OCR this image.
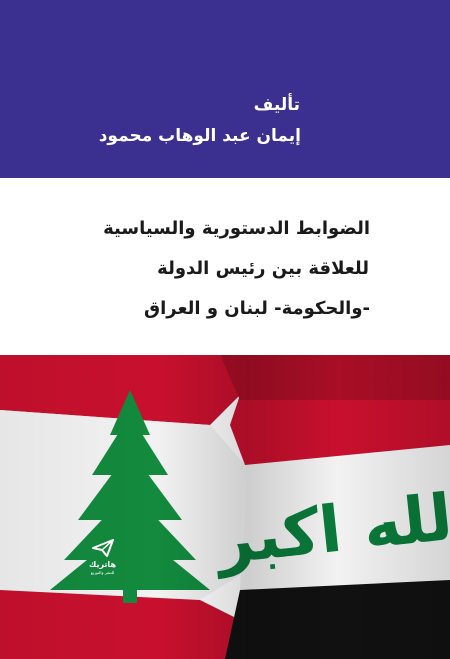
تأليف
إيمان عبد الوهاب محمود
الضوابط الدستورية والسياسية
للعلاقة بين رئيس الدولة
-والحكومة- لبنان و العراق
هاتريك
للنشر والتوزيع
